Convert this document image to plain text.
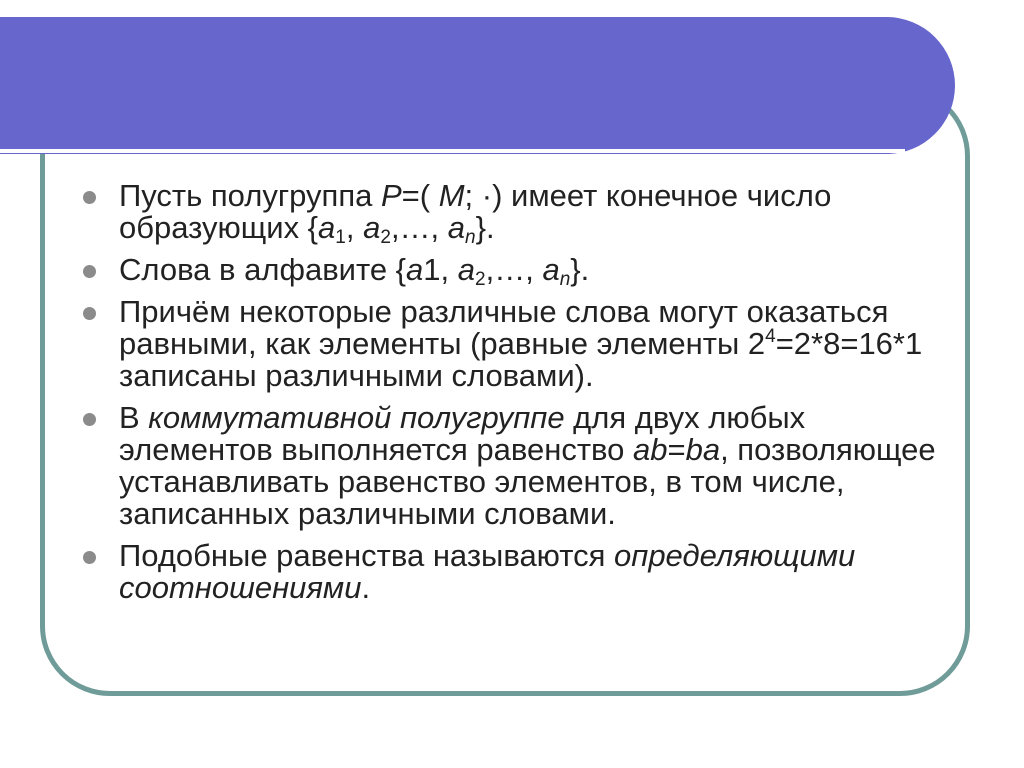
Пусть полугруппа P=( M; ·) имеет конечное число образующих {$a_1$, $a_2,\dots$, $a_n$}.
Слова в алфавите {a1, $a_2,\dots$, $a_n$}.
Причём некоторые различные слова могут оказаться равными, как элементы (равные элементы $2^4=2*8=16*1$ записаны различными словами).
В коммутативной полугруппе для двух любых элементов выполняется равенство ab=ba, позволяющее устанавливать равенство элементов, в том числе, записанных различными словами.
Подобные равенства называются определяющими соотношениями.
